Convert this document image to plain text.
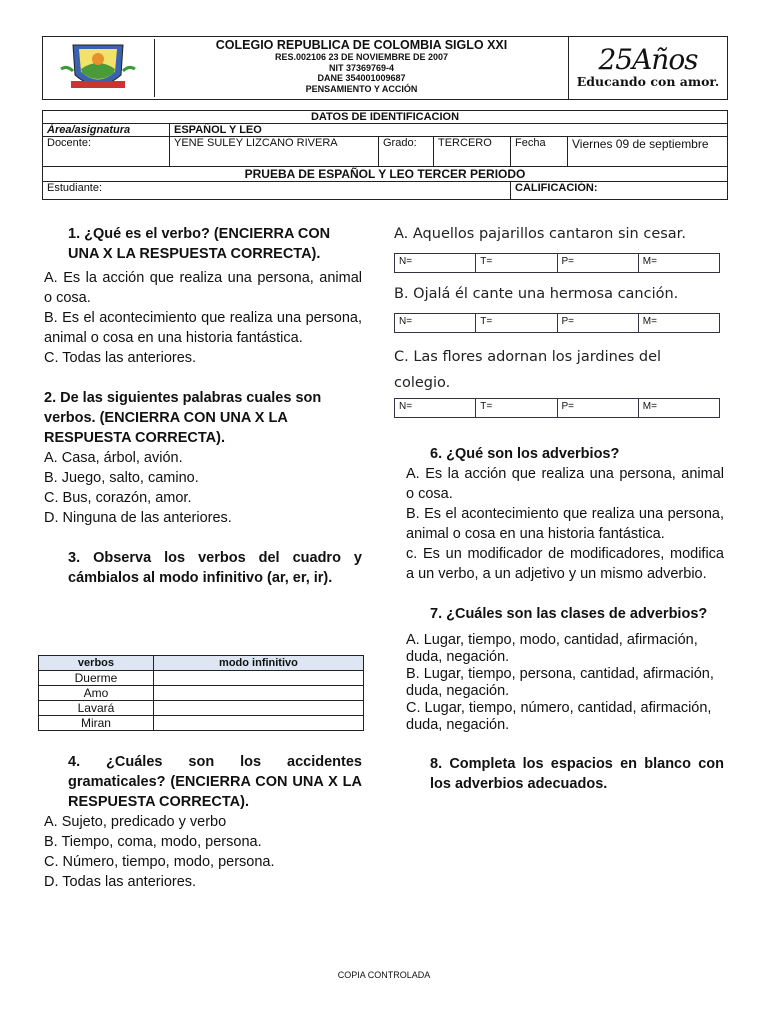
COLEGIO REPUBLICA DE COLOMBIA SIGLO XXI
RES.002106 23 DE NOVIEMBRE DE 2007
NIT 37369769-4
DANE 354001009687
PENSAMIENTO Y ACCIÓN
25Años
Educando con amor.
DATOS DE IDENTIFICACION					
Área/asignatura	ESPAÑOL Y LEO				
Docente:	YENE SULEY LIZCANO RIVERA	Grado:	TERCERO	Fecha	Viernes 09 de septiembre
PRUEBA DE ESPAÑOL Y LEO TERCER PERIODO					
Estudiante:				CALIFICACIÓN:	

1. ¿Qué es el verbo? (ENCIERRA CON UNA X LA RESPUESTA CORRECTA).

A. Es la acción que realiza una persona, animal o cosa.

B. Es el acontecimiento que realiza una persona, animal o cosa en una historia fantástica.

C. Todas las anteriores.

2. De las siguientes palabras cuales son verbos. (ENCIERRA CON UNA X LA RESPUESTA CORRECTA).

A. Casa, árbol, avión.

B. Juego, salto, camino.

C. Bus, corazón, amor.

D. Ninguna de las anteriores.

3. Observa los verbos del cuadro y cámbialos al modo infinitivo (ar, er, ir).

verbos	modo infinitivo
Duerme	
Amo	
Lavará	
Miran	

4. ¿Cuáles son los accidentes gramaticales? (ENCIERRA CON UNA X LA RESPUESTA CORRECTA).

A. Sujeto, predicado y verbo

B. Tiempo, coma, modo, persona.

C. Número, tiempo, modo, persona.

D. Todas las anteriores.

A. Aquellos pajarillos cantaron sin cesar.
N=	T=	P=	M=
B. Ojalá él cante una hermosa canción.
N=	T=	P=	M=
C. Las flores adornan los jardines del colegio.
N=	T=	P=	M=

6. ¿Qué son los adverbios?

A. Es la acción que realiza una persona, animal o cosa.

B. Es el acontecimiento que realiza una persona, animal o cosa en una historia fantástica.

c. Es un modificador de modificadores, modifica a un verbo, a un adjetivo y un mismo adverbio.

7. ¿Cuáles son las clases de adverbios?

A. Lugar, tiempo, modo, cantidad, afirmación, duda, negación.

B. Lugar, tiempo, persona, cantidad, afirmación, duda, negación.

C. Lugar, tiempo, número, cantidad, afirmación, duda, negación.

8. Completa los espacios en blanco con los adverbios adecuados.

COPIA CONTROLADA
